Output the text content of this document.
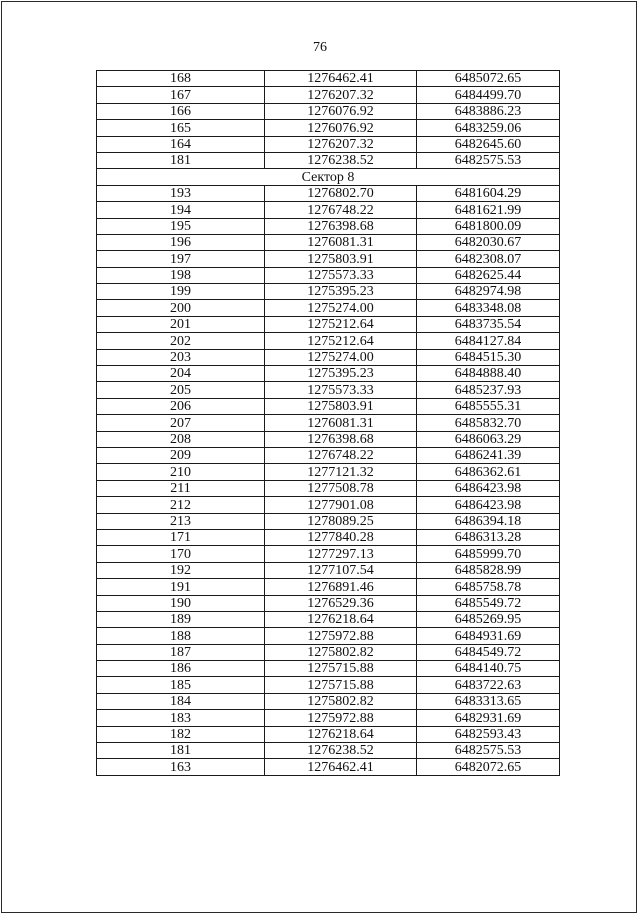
76
168	1276462.41	6485072.65
167	1276207.32	6484499.70
166	1276076.92	6483886.23
165	1276076.92	6483259.06
164	1276207.32	6482645.60
181	1276238.52	6482575.53
Сектор 8		
193	1276802.70	6481604.29
194	1276748.22	6481621.99
195	1276398.68	6481800.09
196	1276081.31	6482030.67
197	1275803.91	6482308.07
198	1275573.33	6482625.44
199	1275395.23	6482974.98
200	1275274.00	6483348.08
201	1275212.64	6483735.54
202	1275212.64	6484127.84
203	1275274.00	6484515.30
204	1275395.23	6484888.40
205	1275573.33	6485237.93
206	1275803.91	6485555.31
207	1276081.31	6485832.70
208	1276398.68	6486063.29
209	1276748.22	6486241.39
210	1277121.32	6486362.61
211	1277508.78	6486423.98
212	1277901.08	6486423.98
213	1278089.25	6486394.18
171	1277840.28	6486313.28
170	1277297.13	6485999.70
192	1277107.54	6485828.99
191	1276891.46	6485758.78
190	1276529.36	6485549.72
189	1276218.64	6485269.95
188	1275972.88	6484931.69
187	1275802.82	6484549.72
186	1275715.88	6484140.75
185	1275715.88	6483722.63
184	1275802.82	6483313.65
183	1275972.88	6482931.69
182	1276218.64	6482593.43
181	1276238.52	6482575.53
163	1276462.41	6482072.65
